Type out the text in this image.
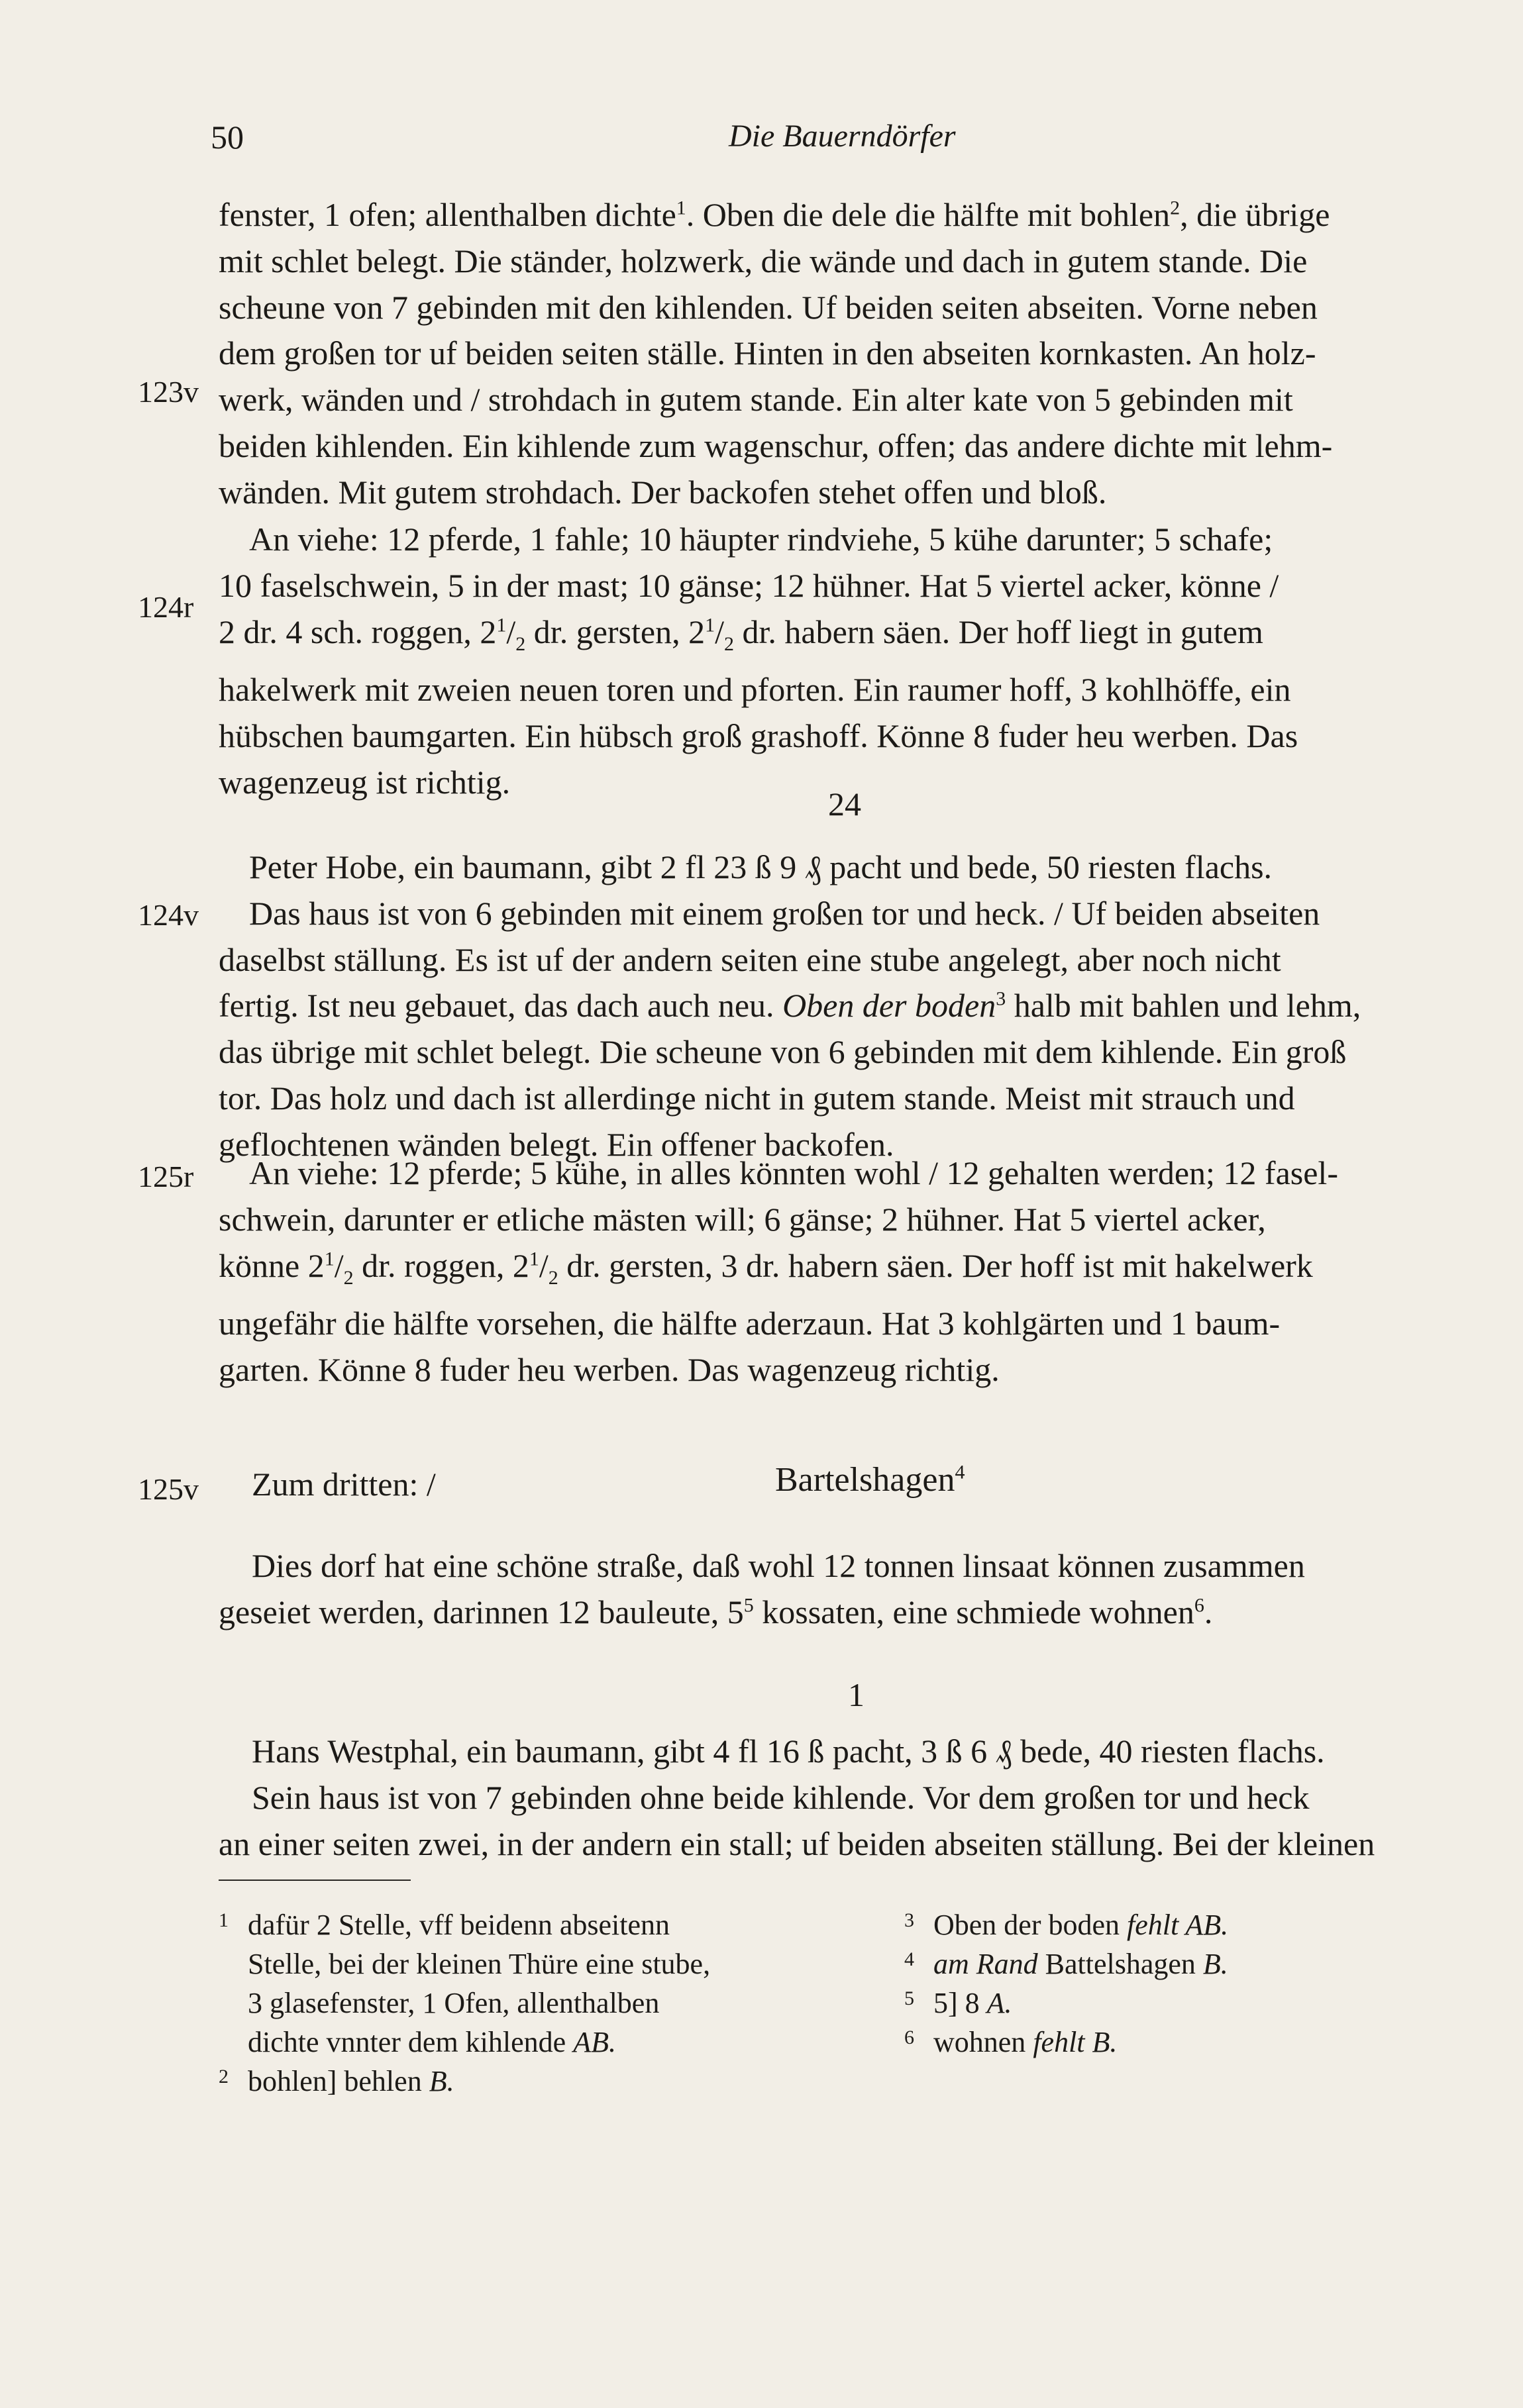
50	Die Bauerndörfer
123v
124r
124v
125r
125v

fenster, 1 ofen; allenthalben dichte$^1$. Oben die dele die hälfte mit bohlen$^2$, die übrige
mit schlet belegt. Die ständer, holzwerk, die wände und dach in gutem stande. Die
scheune von 7 gebinden mit den kihlenden. Uf beiden seiten abseiten. Vorne neben
dem großen tor uf beiden seiten ställe. Hinten in den abseiten kornkasten. An holz-
werk, wänden und / strohdach in gutem stande. Ein alter kate von 5 gebinden mit
beiden kihlenden. Ein kihlende zum wagenschur, offen; das andere dichte mit lehm-
wänden. Mit gutem strohdach. Der backofen stehet offen und bloß.

An viehe: 12 pferde, 1 fahle; 10 häupter rindviehe, 5 kühe darunter; 5 schafe;
10 faselschwein, 5 in der mast; 10 gänse; 12 hühner. Hat 5 viertel acker, könne /
2 dr. 4 sch. roggen, $2^1/_2$ dr. gersten, $2^1/_2$ dr. habern säen. Der hoff liegt in gutem
hakelwerk mit zweien neuen toren und pforten. Ein raumer hoff, 3 kohlhöffe, ein
hübschen baumgarten. Ein hübsch groß grashoff. Könne 8 fuder heu werben. Das
wagenzeug ist richtig.

24

Peter Hobe, ein baumann, gibt 2 fl 23 ß 9 ₰ pacht und bede, 50 riesten flachs.
Das haus ist von 6 gebinden mit einem großen tor und heck. / Uf beiden abseiten
daselbst ställung. Es ist uf der andern seiten eine stube angelegt, aber noch nicht
fertig. Ist neu gebauet, das dach auch neu. Oben der boden$^3$ halb mit bahlen und lehm,
das übrige mit schlet belegt. Die scheune von 6 gebinden mit dem kihlende. Ein groß
tor. Das holz und dach ist allerdinge nicht in gutem stande. Meist mit strauch und
geflochtenen wänden belegt. Ein offener backofen.

An viehe: 12 pferde; 5 kühe, in alles könnten wohl / 12 gehalten werden; 12 fasel-
schwein, darunter er etliche mästen will; 6 gänse; 2 hühner. Hat 5 viertel acker,
könne $2^1/_2$ dr. roggen, $2^1/_2$ dr. gersten, 3 dr. habern säen. Der hoff ist mit hakelwerk
ungefähr die hälfte vorsehen, die hälfte aderzaun. Hat 3 kohlgärten und 1 baum-
garten. Könne 8 fuder heu werben. Das wagenzeug richtig.

Zum dritten: /	Bartelshagen$^4$

Dies dorf hat eine schöne straße, daß wohl 12 tonnen linsaat können zusammen
geseiet werden, darinnen 12 bauleute, $5^5$ kossaten, eine schmiede wohnen$^6$.

1

Hans Westphal, ein baumann, gibt 4 fl 16 ß pacht, 3 ß 6 ₰ bede, 40 riesten flachs.
Sein haus ist von 7 gebinden ohne beide kihlende. Vor dem großen tor und heck
an einer seiten zwei, in der andern ein stall; uf beiden abseiten ställung. Bei der kleinen

1 dafür 2 Stelle, vff beidenn abseitenn
Stelle, bei der kleinen Thüre eine stube,
3 glasefenster, 1 Ofen, allenthalben
dichte vnnter dem kihlende AB.
2 bohlen] behlen B.
3 Oben der boden fehlt AB.
4 am Rand Battelshagen B.
5 5] 8 A.
6 wohnen fehlt B.
